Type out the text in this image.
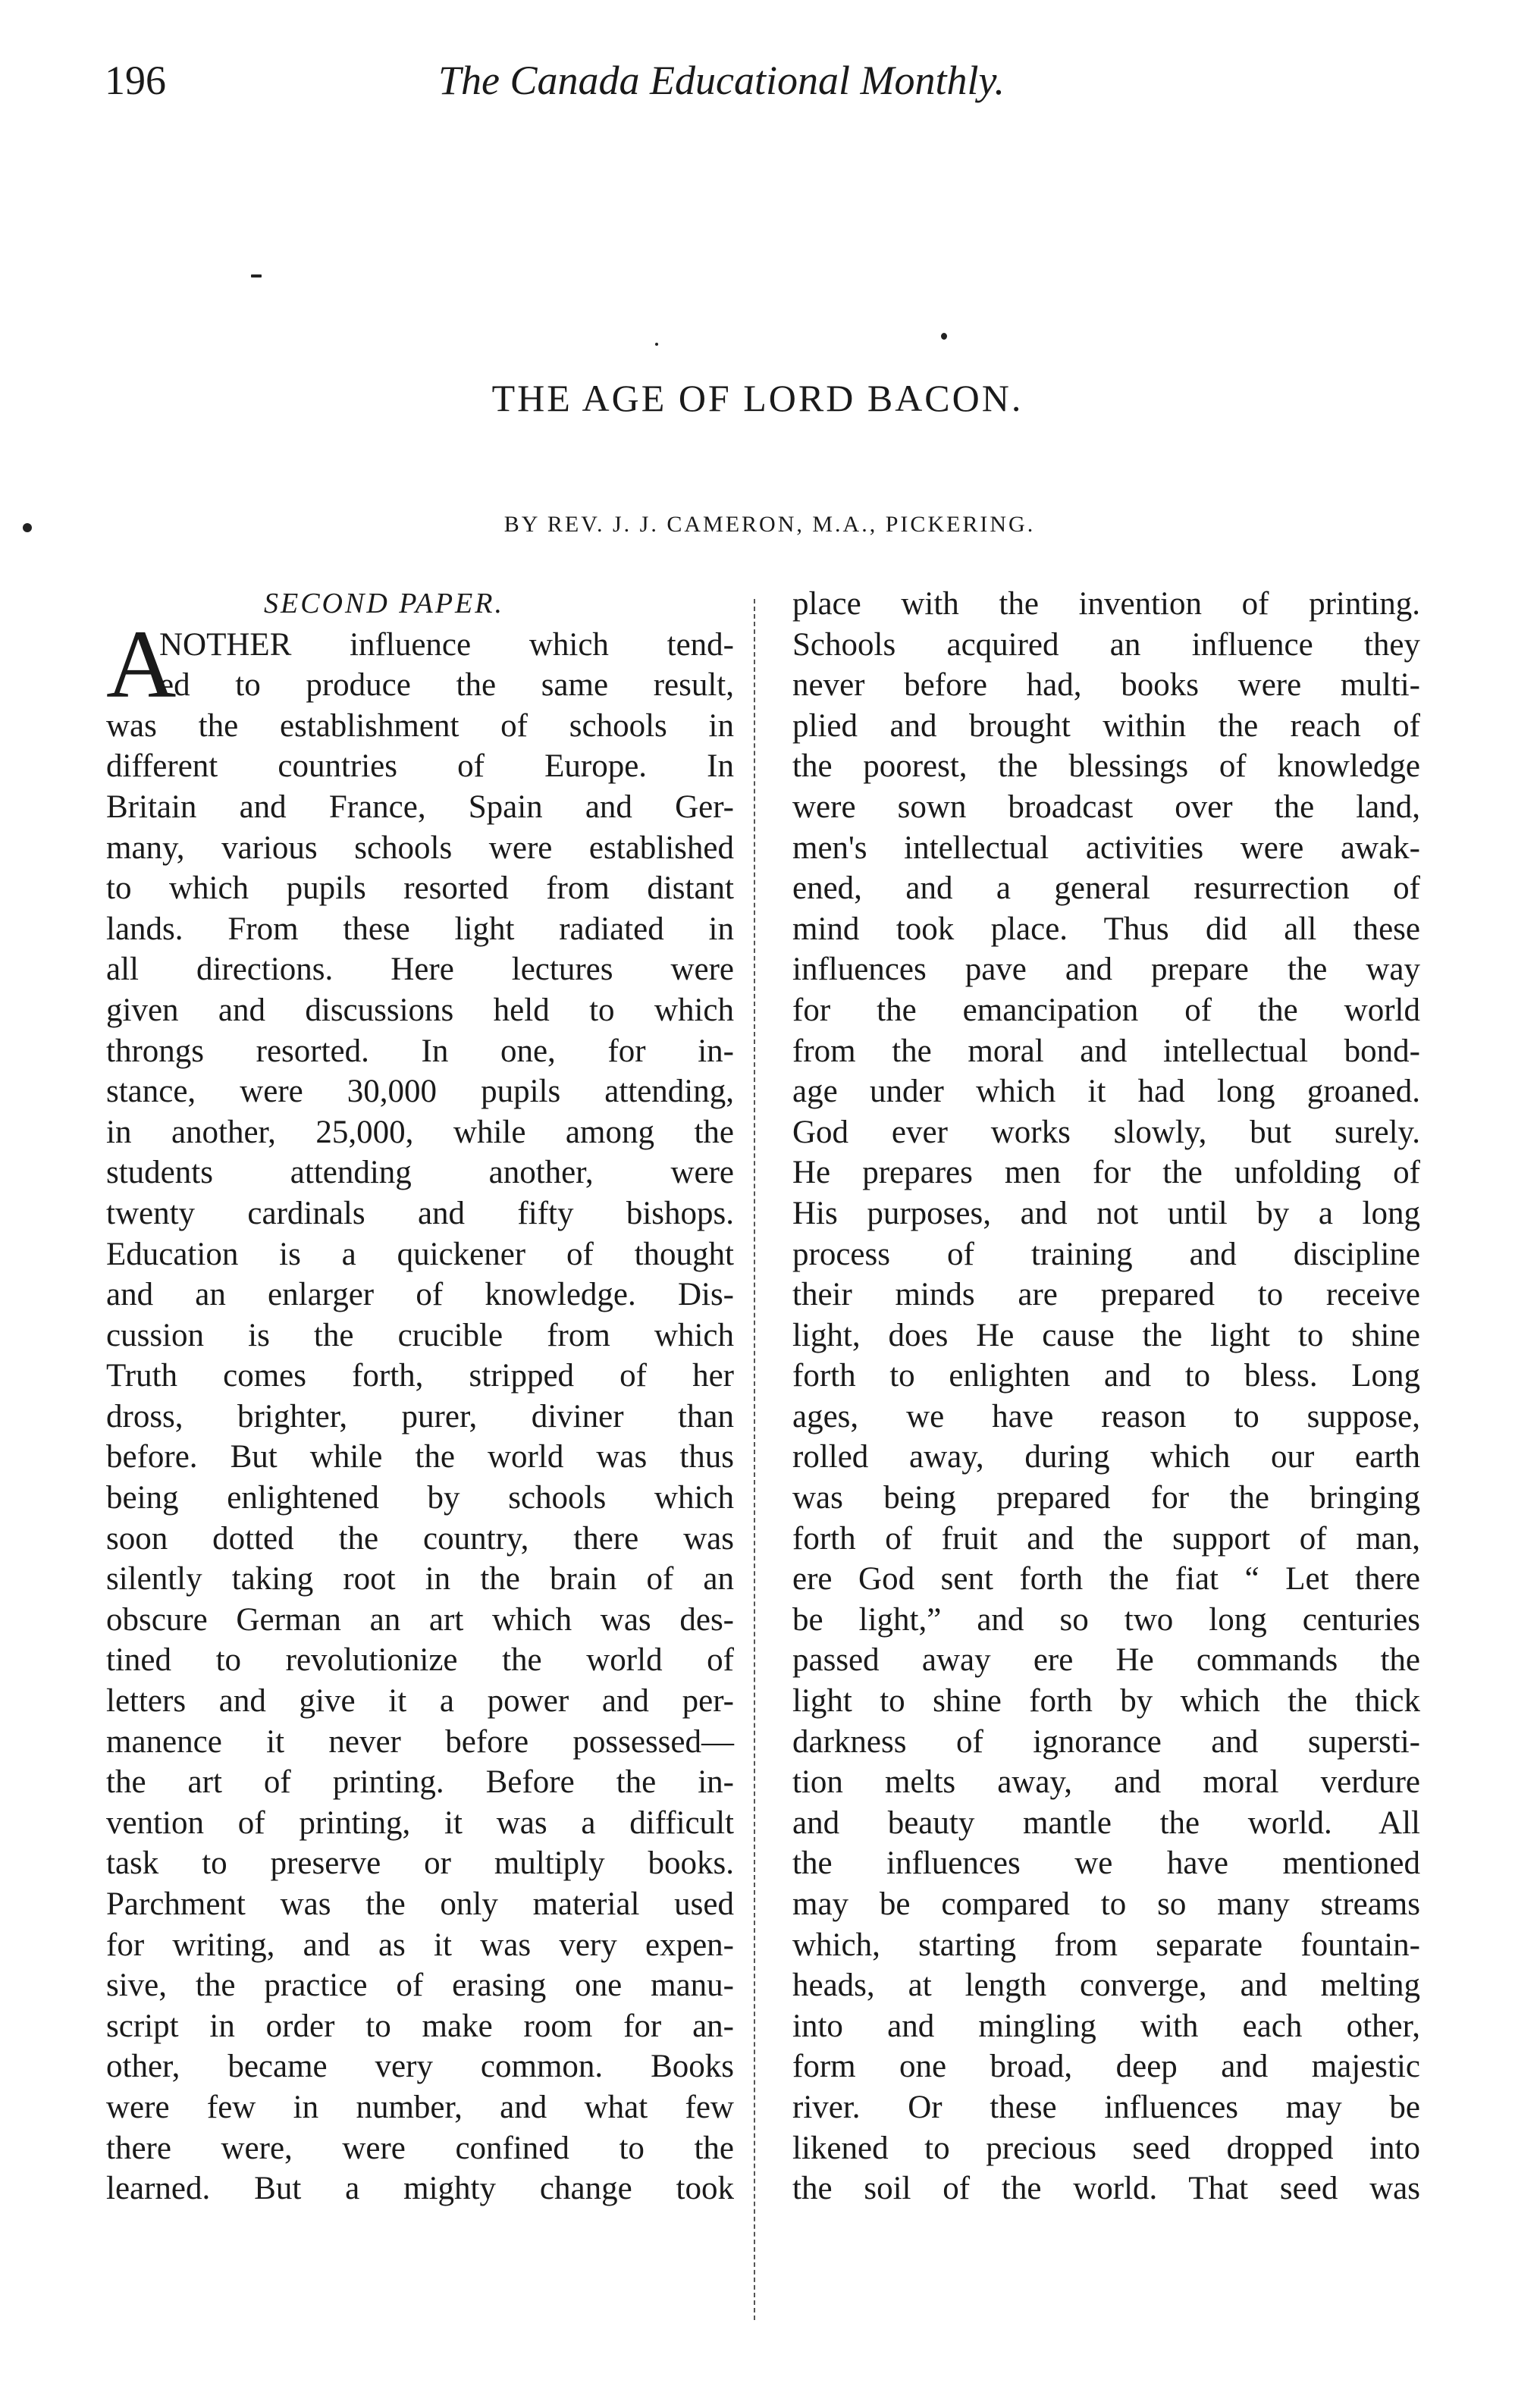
196	The Canada Educational Monthly.
THE AGE OF LORD BACON.
BY REV. J. J. CAMERON, M.A., PICKERING.
SECOND PAPER.
A
NOTHER influence which tend-
ed to produce the same result,
was the establishment of schools in
different countries of Europe. In
Britain and France, Spain and Ger-
many, various schools were established
to which pupils resorted from distant
lands. From these light radiated in
all directions. Here lectures were
given and discussions held to which
throngs resorted. In one, for in-
stance, were 30,000 pupils attending,
in another, 25,000, while among the
students attending another, were
twenty cardinals and fifty bishops.
Education is a quickener of thought
and an enlarger of knowledge. Dis-
cussion is the crucible from which
Truth comes forth, stripped of her
dross, brighter, purer, diviner than
before. But while the world was thus
being enlightened by schools which
soon dotted the country, there was
silently taking root in the brain of an
obscure German an art which was des-
tined to revolutionize the world of
letters and give it a power and per-
manence it never before possessed—
the art of printing. Before the in-
vention of printing, it was a difficult
task to preserve or multiply books.
Parchment was the only material used
for writing, and as it was very expen-
sive, the practice of erasing one manu-
script in order to make room for an-
other, became very common. Books
were few in number, and what few
there were, were confined to the
learned. But a mighty change took
place with the invention of printing.
Schools acquired an influence they
never before had, books were multi-
plied and brought within the reach of
the poorest, the blessings of knowledge
were sown broadcast over the land,
men's intellectual activities were awak-
ened, and a general resurrection of
mind took place. Thus did all these
influences pave and prepare the way
for the emancipation of the world
from the moral and intellectual bond-
age under which it had long groaned.
God ever works slowly, but surely.
He prepares men for the unfolding of
His purposes, and not until by a long
process of training and discipline
their minds are prepared to receive
light, does He cause the light to shine
forth to enlighten and to bless. Long
ages, we have reason to suppose,
rolled away, during which our earth
was being prepared for the bringing
forth of fruit and the support of man,
ere God sent forth the fiat “ Let there
be light,” and so two long centuries
passed away ere He commands the
light to shine forth by which the thick
darkness of ignorance and supersti-
tion melts away, and moral verdure
and beauty mantle the world. All
the influences we have mentioned
may be compared to so many streams
which, starting from separate fountain-
heads, at length converge, and melting
into and mingling with each other,
form one broad, deep and majestic
river. Or these influences may be
likened to precious seed dropped into
the soil of the world. That seed was
